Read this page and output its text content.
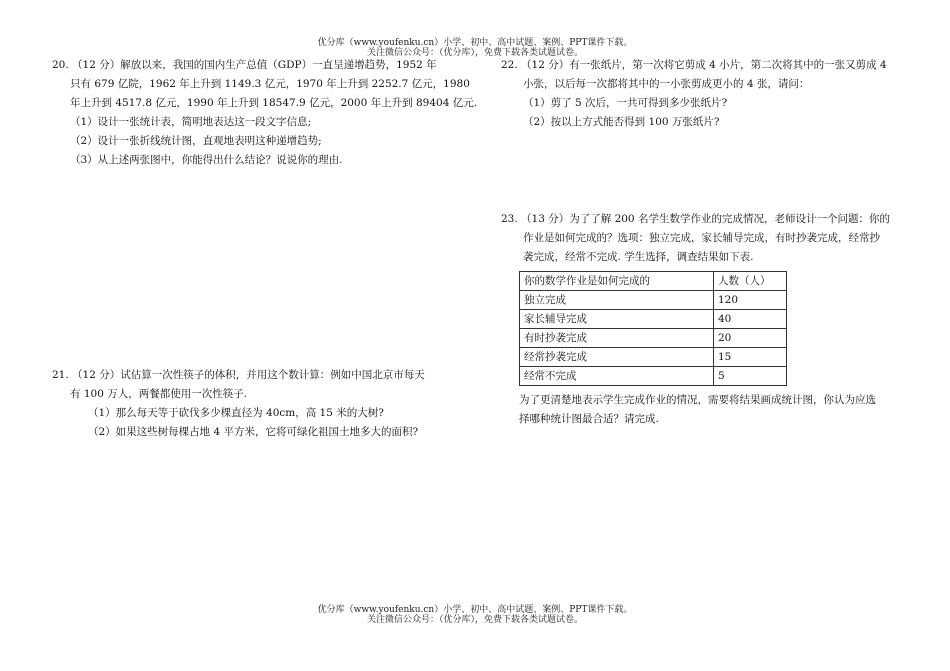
优分库（www.youfenku.cn）小学、初中、高中试题、案例、PPT课件下载。
关注微信公众号：（优分库），免费下载各类试题试卷。
20. （12 分）解放以来，我国的国内生产总值（GDP）一直呈递增趋势，1952 年
只有 679 亿院，1962 年上升到 1149.3 亿元，1970 年上升到 2252.7 亿元，1980
年上升到 4517.8 亿元，1990 年上升到 18547.9 亿元，2000 年上升到 89404 亿元.
（1）设计一张统计表，简明地表达这一段文字信息;
（2）设计一张折线统计图，直观地表明这种递增趋势;
（3）从上述两张图中，你能得出什么结论？说说你的理由.
21. （12 分）试估算一次性筷子的体积，并用这个数计算：例如中国北京市每天
有 100 万人，两餐都使用一次性筷子.
（1）那么每天等于砍伐多少棵直径为 40cm，高 15 米的大树?
（2）如果这些树每棵占地 4 平方米，它将可绿化祖国土地多大的面积?
22. （12 分）有一张纸片，第一次将它剪成 4 小片，第二次将其中的一张又剪成 4
小张，以后每一次都将其中的一小张剪成更小的 4 张，请问：
（1）剪了 5 次后，一共可得到多少张纸片?
（2）按以上方式能否得到 100 万张纸片?
23. （13 分）为了了解 200 名学生数学作业的完成情况，老师设计一个问题：你的
作业是如何完成的？选项：独立完成，家长辅导完成，有时抄袭完成，经常抄
袭完成，经常不完成. 学生选择，调查结果如下表.
你的数学作业是如何完成的	人数（人）
独立完成	120
家长辅导完成	40
有时抄袭完成	20
经常抄袭完成	15
经常不完成	5
为了更清楚地表示学生完成作业的情况，需要将结果画成统计图，你认为应选
择哪种统计图最合适？请完成.
优分库（www.youfenku.cn）小学、初中、高中试题、案例、PPT课件下载。
关注微信公众号：（优分库），免费下载各类试题试卷。
